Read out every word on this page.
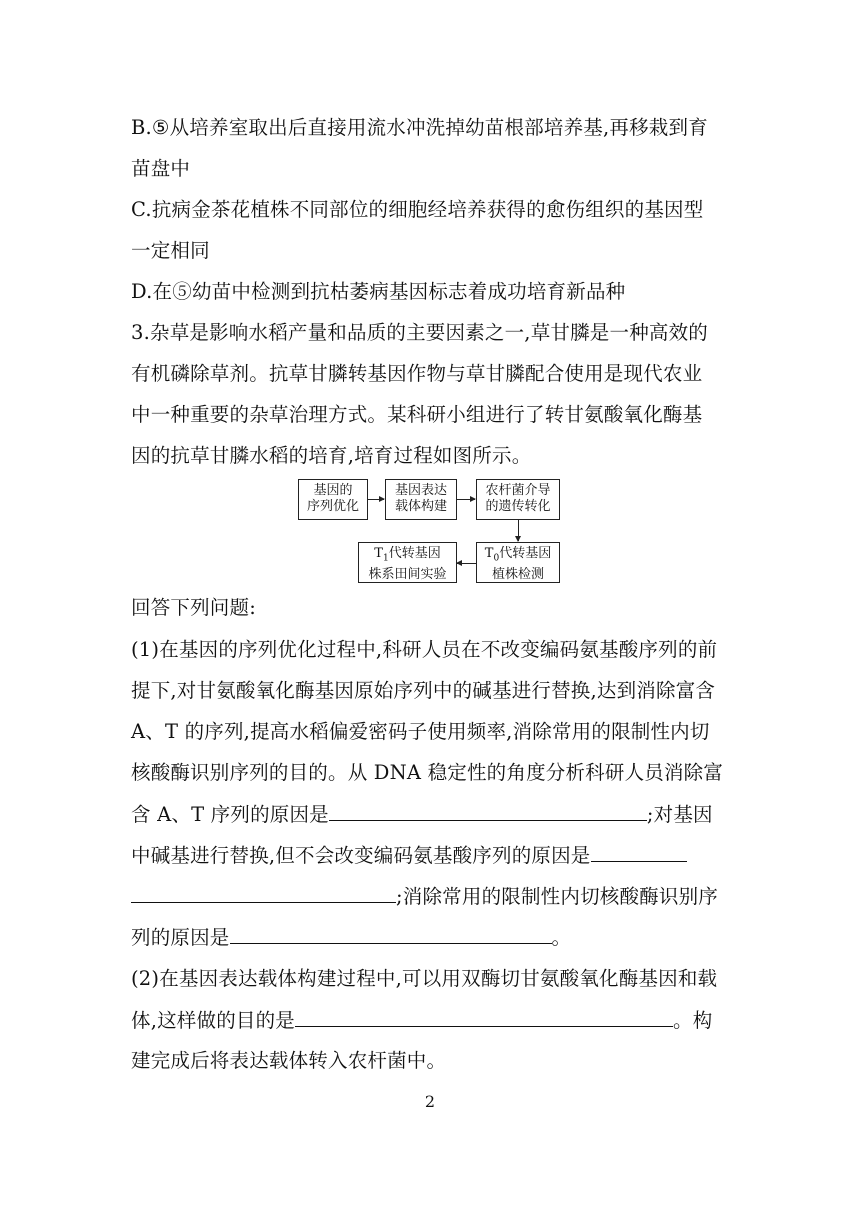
B.⑤从培养室取出后直接用流水冲洗掉幼苗根部培养基,再移栽到育
苗盘中
C.抗病金茶花植株不同部位的细胞经培养获得的愈伤组织的基因型
一定相同
D.在⑤幼苗中检测到抗枯萎病基因标志着成功培育新品种
3.杂草是影响水稻产量和品质的主要因素之一,草甘膦是一种高效的
有机磷除草剂。抗草甘膦转基因作物与草甘膦配合使用是现代农业
中一种重要的杂草治理方式。某科研小组进行了转甘氨酸氧化酶基
因的抗草甘膦水稻的培育,培育过程如图所示。
基因的
序列优化
基因表达
载体构建
农杆菌介导
的遗传转化
$T_0$代转基因
植株检测
$T_1$代转基因
株系田间实验
回答下列问题:
(1)在基因的序列优化过程中,科研人员在不改变编码氨基酸序列的前
提下,对甘氨酸氧化酶基因原始序列中的碱基进行替换,达到消除富含
A、T 的序列,提高水稻偏爱密码子使用频率,消除常用的限制性内切
核酸酶识别序列的目的。从 DNA 稳定性的角度分析科研人员消除富
含 A、T 序列的原因是	;对基因
中碱基进行替换,但不会改变编码氨基酸序列的原因是
;消除常用的限制性内切核酸酶识别序
列的原因是	。
(2)在基因表达载体构建过程中,可以用双酶切甘氨酸氧化酶基因和载
体,这样做的目的是	。构
建完成后将表达载体转入农杆菌中。
2
